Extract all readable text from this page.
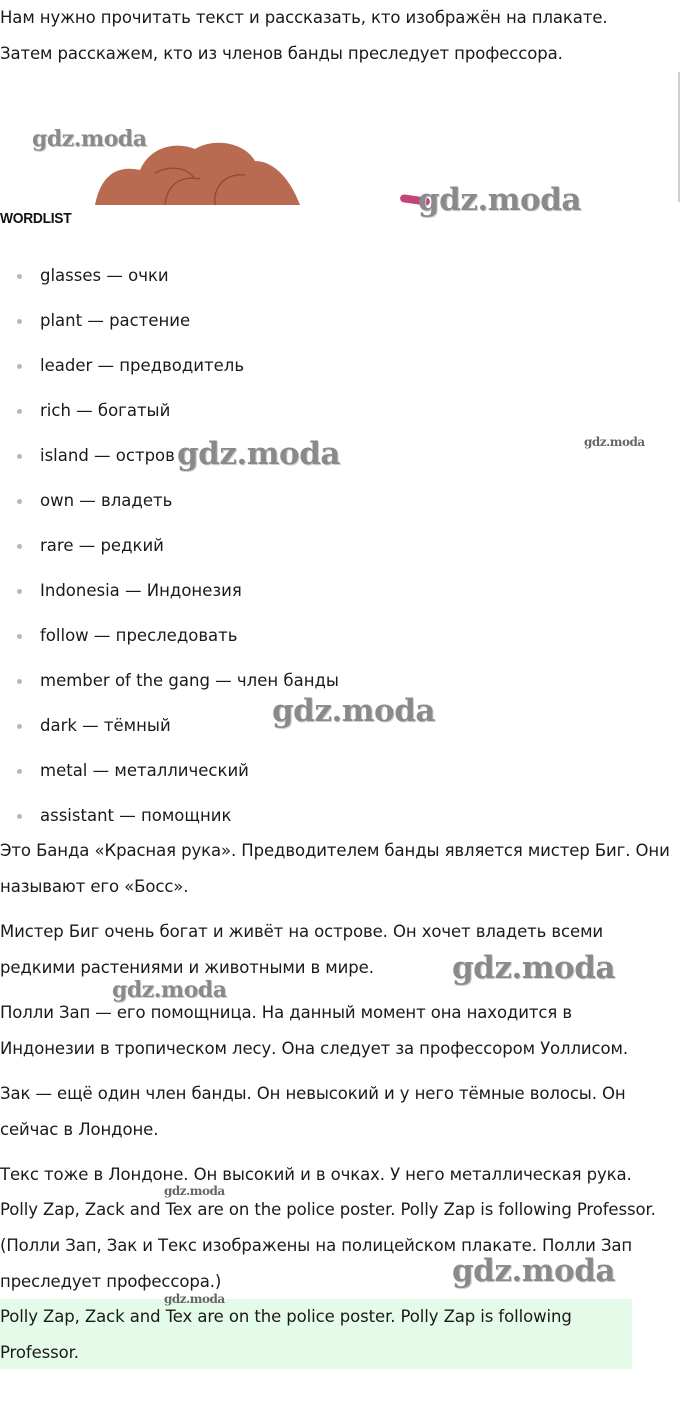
Нам нужно прочитать текст и рассказать, кто изображён на плакате. Затем расскажем, кто из членов банды преследует профессора.

WORDLIST
glasses — очки
plant — растение
leader — предводитель
rich — богатый
island — остров
own — владеть
rare — редкий
Indonesia — Индонезия
follow — преследовать
member of the gang — член банды
dark — тёмный
metal — металлический
assistant — помощник

Это Банда «Красная рука». Предводителем банды является мистер Биг. Они называют его «Босс».

Мистер Биг очень богат и живёт на острове. Он хочет владеть всеми редкими растениями и животными в мире.

Полли Зап — его помощница. На данный момент она находится в Индонезии в тропическом лесу. Она следует за профессором Уоллисом.

Зак — ещё один член банды. Он невысокий и у него тёмные волосы. Он сейчас в Лондоне.

Текс тоже в Лондоне. Он высокий и в очках. У него металлическая рука.

Polly Zap, Zack and Tex are on the police poster. Polly Zap is following Professor.

(Полли Зап, Зак и Текс изображены на полицейском плакате. Полли Зап преследует профессора.)

Polly Zap, Zack and Tex are on the police poster. Polly Zap is following Professor.

gdz.moda
gdz.moda
gdz.moda	gdz.moda
gdz.moda
gdz.moda
gdz.moda
gdz.moda
gdz.moda
gdz.moda
